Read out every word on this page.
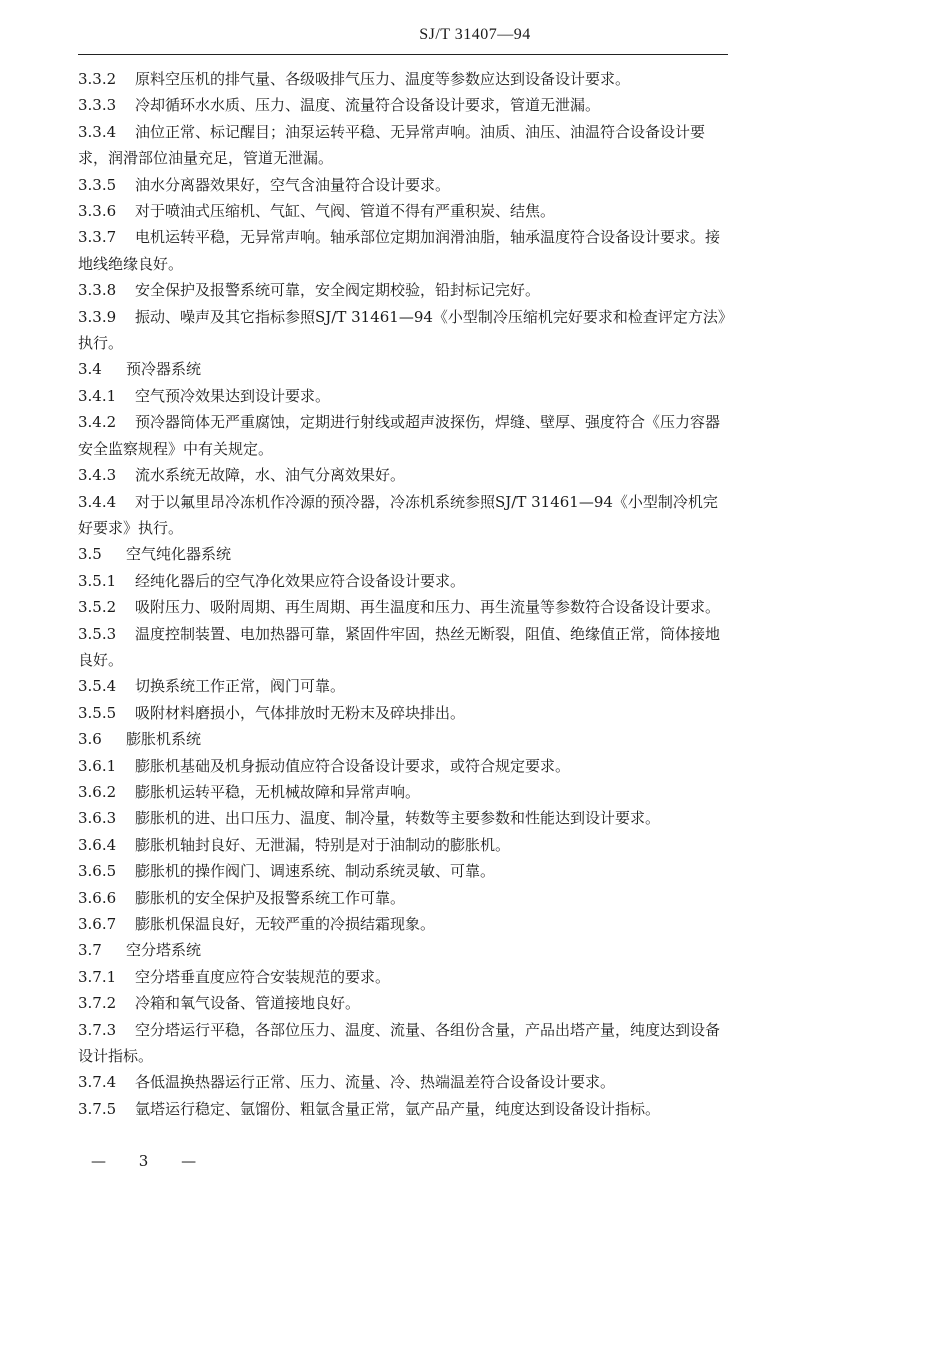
SJ/T 31407—94

3.3.2 原料空压机的排气量、各级吸排气压力、温度等参数应达到设备设计要求。

3.3.3 冷却循环水水质、压力、温度、流量符合设备设计要求，管道无泄漏。

3.3.4 油位正常、标记醒目；油泵运转平稳、无异常声响。油质、油压、油温符合设备设计要求，润滑部位油量充足，管道无泄漏。

3.3.5 油水分离器效果好，空气含油量符合设计要求。

3.3.6 对于喷油式压缩机、气缸、气阀、管道不得有严重积炭、结焦。

3.3.7 电机运转平稳，无异常声响。轴承部位定期加润滑油脂，轴承温度符合设备设计要求。接地线绝缘良好。

3.3.8 安全保护及报警系统可靠，安全阀定期校验，铅封标记完好。

3.3.9 振动、噪声及其它指标参照SJ/T 31461—94《小型制冷压缩机完好要求和检查评定方法》执行。

3.4 预冷器系统

3.4.1 空气预冷效果达到设计要求。

3.4.2 预冷器筒体无严重腐蚀，定期进行射线或超声波探伤，焊缝、壁厚、强度符合《压力容器安全监察规程》中有关规定。

3.4.3 流水系统无故障，水、油气分离效果好。

3.4.4 对于以氟里昂冷冻机作冷源的预冷器，冷冻机系统参照SJ/T 31461—94《小型制冷机完好要求》执行。

3.5 空气纯化器系统

3.5.1 经纯化器后的空气净化效果应符合设备设计要求。

3.5.2 吸附压力、吸附周期、再生周期、再生温度和压力、再生流量等参数符合设备设计要求。

3.5.3 温度控制装置、电加热器可靠，紧固件牢固，热丝无断裂，阻值、绝缘值正常，筒体接地良好。

3.5.4 切换系统工作正常，阀门可靠。

3.5.5 吸附材料磨损小，气体排放时无粉末及碎块排出。

3.6 膨胀机系统

3.6.1 膨胀机基础及机身振动值应符合设备设计要求，或符合规定要求。

3.6.2 膨胀机运转平稳，无机械故障和异常声响。

3.6.3 膨胀机的进、出口压力、温度、制冷量，转数等主要参数和性能达到设计要求。

3.6.4 膨胀机轴封良好、无泄漏，特别是对于油制动的膨胀机。

3.6.5 膨胀机的操作阀门、调速系统、制动系统灵敏、可靠。

3.6.6 膨胀机的安全保护及报警系统工作可靠。

3.6.7 膨胀机保温良好，无较严重的冷损结霜现象。

3.7 空分塔系统

3.7.1 空分塔垂直度应符合安装规范的要求。

3.7.2 冷箱和氧气设备、管道接地良好。

3.7.3 空分塔运行平稳，各部位压力、温度、流量、各组份含量，产品出塔产量，纯度达到设备设计指标。

3.7.4 各低温换热器运行正常、压力、流量、冷、热端温差符合设备设计要求。

3.7.5 氩塔运行稳定、氩馏份、粗氩含量正常，氩产品产量，纯度达到设备设计指标。

— 3 —
